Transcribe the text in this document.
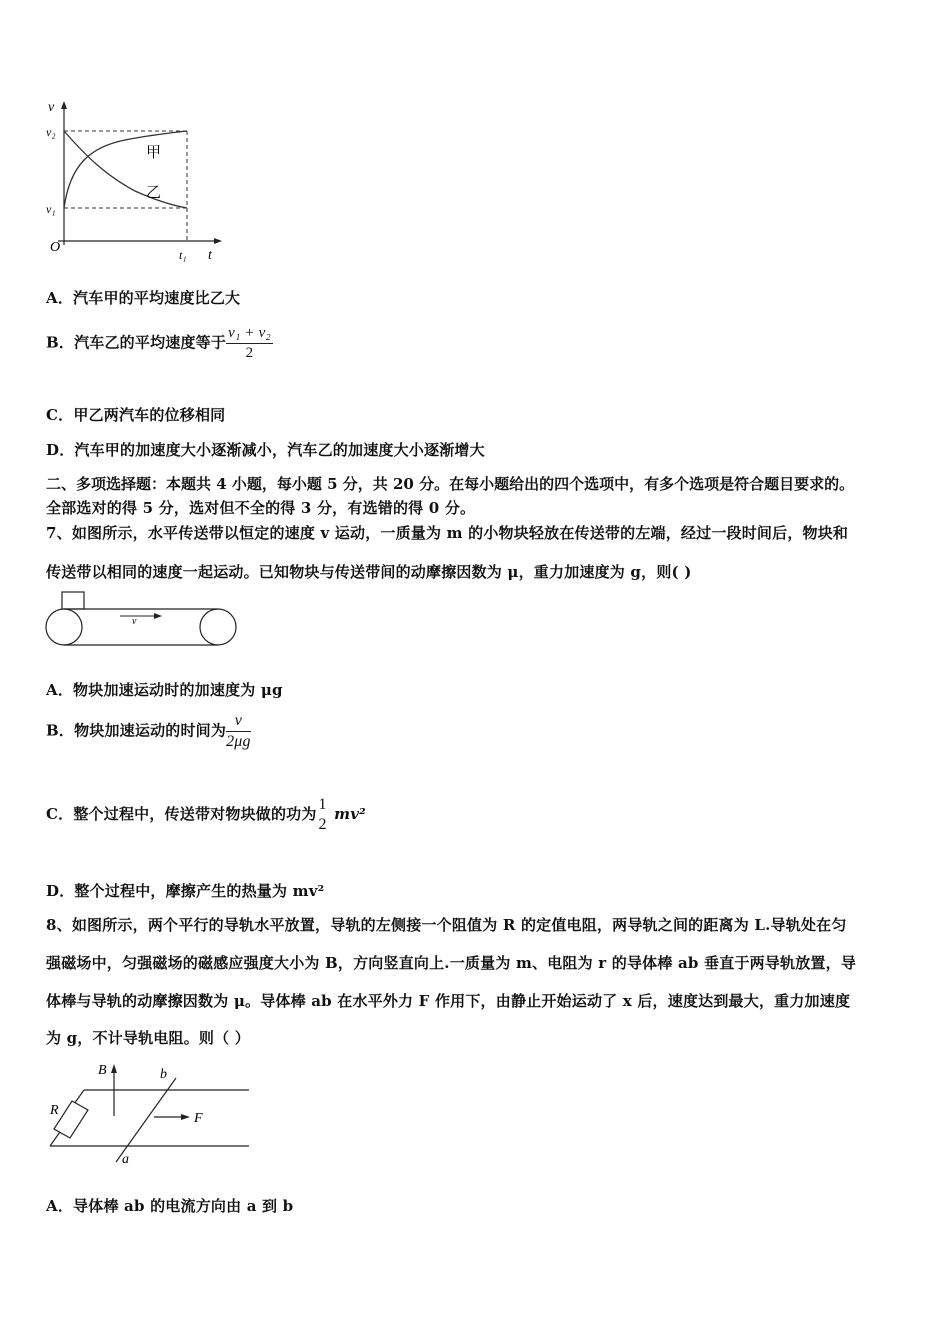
v
t
O
v₂
v₁
t₁
甲
乙
A．汽车甲的平均速度比乙大
B．汽车乙的平均速度等于 $\frac{\text{v₁ + v₂}}{2}$
C．甲乙两汽车的位移相同
D．汽车甲的加速度大小逐渐减小，汽车乙的加速度大小逐渐增大
二、多项选择题：本题共 4 小题，每小题 5 分，共 20 分。在每小题给出的四个选项中，有多个选项是符合题目要求的。
全部选对的得 5 分，选对但不全的得 3 分，有选错的得 0 分。
7、如图所示，水平传送带以恒定的速度 v 运动，一质量为 m 的小物块轻放在传送带的左端，经过一段时间后，物块和
传送带以相同的速度一起运动。已知物块与传送带间的动摩擦因数为 μ，重力加速度为 g，则( )
v
A．物块加速运动时的加速度为 μg
B．物块加速运动的时间为 $\frac{v}{2\mu g}$
C．整个过程中，传送带对物块做的功为
1
2
mv²
D．整个过程中，摩擦产生的热量为 mv²
8、如图所示，两个平行的导轨水平放置，导轨的左侧接一个阻值为 R 的定值电阻，两导轨之间的距离为 L.导轨处在匀
强磁场中，匀强磁场的磁感应强度大小为 B，方向竖直向上.一质量为 m、电阻为 r 的导体棒 ab 垂直于两导轨放置，导
体棒与导轨的动摩擦因数为 μ。导体棒 ab 在水平外力 F 作用下，由静止开始运动了 x 后，速度达到最大，重力加速度
为 g，不计导轨电阻。则（ ）
B	b
R
F
a
A．导体棒 ab 的电流方向由 a 到 b
